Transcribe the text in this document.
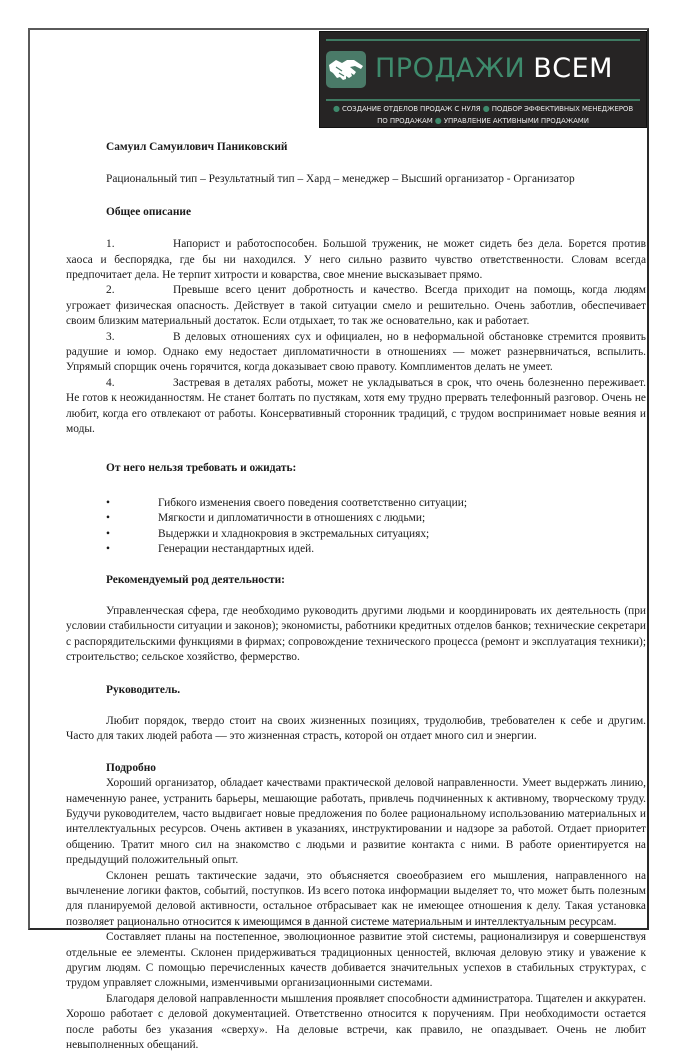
ПРОДАЖИ ВСЕМ
● СОЗДАНИЕ ОТДЕЛОВ ПРОДАЖ С НУЛЯ ● ПОДБОР ЭФФЕКТИВНЫХ МЕНЕДЖЕРОВ
ПО ПРОДАЖАМ ● УПРАВЛЕНИЕ АКТИВНЫМИ ПРОДАЖАМИ

Самуил Самуилович Паниковский

Рациональный тип – Результатный тип – Хард – менеджер – Высший организатор - Организатор

Общее описание

1.	Напорист и работоспособен. Большой труженик, не может сидеть без дела. Борется против хаоса и беспорядка, где бы ни находился. У него сильно развито чувство ответственности. Словам всегда предпочитает дела. Не терпит хитрости и коварства, свое мнение высказывает прямо.

2.	Превыше всего ценит добротность и качество. Всегда приходит на помощь, когда людям угрожает физическая опасность. Действует в такой ситуации смело и решительно. Очень заботлив, обеспечивает своим близким материальный достаток. Если отдыхает, то так же основательно, как и работает.

3.	В деловых отношениях сух и официален, но в неформальной обстановке стремится проявить радушие и юмор. Однако ему недостает дипломатичности в отношениях — может разнервничаться, вспылить. Упрямый спорщик очень горячится, когда доказывает свою правоту. Комплиментов делать не умеет.

4.	Застревая в деталях работы, может не укладываться в срок, что очень болезненно переживает. Не готов к неожиданностям. Не станет болтать по пустякам, хотя ему трудно прервать телефонный разговор. Очень не любит, когда его отвлекают от работы. Консервативный сторонник традиций, с трудом воспринимает новые веяния и моды.

От него нельзя требовать и ожидать:

•	Гибкого изменения своего поведения соответственно ситуации;
•	Мягкости и дипломатичности в отношениях с людьми;
•	Выдержки и хладнокровия в экстремальных ситуациях;
•	Генерации нестандартных идей.

Рекомендуемый род деятельности:

Управленческая сфера, где необходимо руководить другими людьми и координировать их деятельность (при условии стабильности ситуации и законов); экономисты, работники кредитных отделов банков; технические секретари с распорядительскими функциями в фирмах; сопровождение технического процесса (ремонт и эксплуатация техники); строительство; сельское хозяйство, фермерство.

Руководитель.

Любит порядок, твердо стоит на своих жизненных позициях, трудолюбив, требователен к себе и другим. Часто для таких людей работа — это жизненная страсть, которой он отдает много сил и энергии.

Подробно

Хороший организатор, обладает качествами практической деловой направленности. Умеет выдержать линию, намеченную ранее, устранить барьеры, мешающие работать, привлечь подчиненных к активному, творческому труду. Будучи руководителем, часто выдвигает новые предложения по более рациональному использованию материальных и интеллектуальных ресурсов. Очень активен в указаниях, инструктировании и надзоре за работой. Отдает приоритет общению. Тратит много сил на знакомство с людьми и развитие контакта с ними. В работе ориентируется на предыдущий положительный опыт.

Склонен решать тактические задачи, это объясняется своеобразием его мышления, направленного на вычленение логики фактов, событий, поступков. Из всего потока информации выделяет то, что может быть полезным для планируемой деловой активности, остальное отбрасывает как не имеющее отношения к делу. Такая установка позволяет рационально относится к имеющимся в данной системе материальным и интеллектуальным ресурсам.

Составляет планы на постепенное, эволюционное развитие этой системы, рационализируя и совершенствуя отдельные ее элементы. Склонен придерживаться традиционных ценностей, включая деловую этику и уважение к другим людям. С помощью перечисленных качеств добивается значительных успехов в стабильных структурах, с трудом управляет сложными, изменчивыми организационными системами.

Благодаря деловой направленности мышления проявляет способности администратора. Тщателен и аккуратен. Хорошо работает с деловой документацией. Ответственно относится к поручениям. При необходимости остается после работы без указания «сверху». На деловые встречи, как правило, не опаздывает. Очень не любит невыполненных обещаний.
